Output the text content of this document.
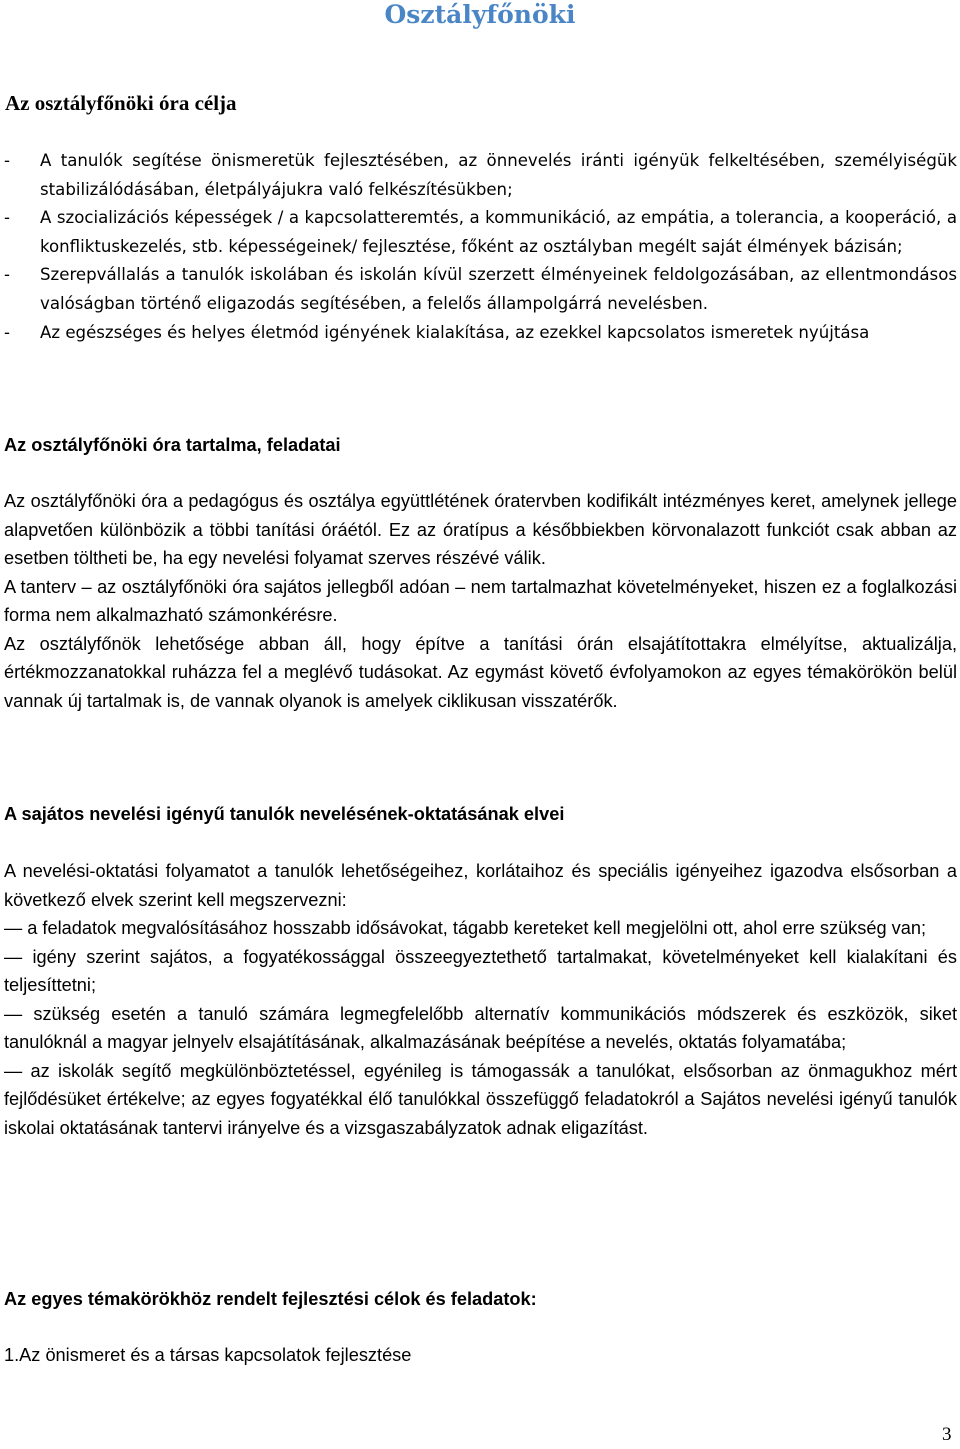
Osztályfőnöki
Az osztályfőnöki óra célja
-	A tanulók segítése önismeretük fejlesztésében, az önnevelés iránti igényük felkeltésében, személyiségük stabilizálódásában, életpályájukra való felkészítésükben;
-	A szocializációs képességek / a kapcsolatteremtés, a kommunikáció, az empátia, a tolerancia, a kooperáció, a konfliktuskezelés, stb. képességeinek/ fejlesztése, főként az osztályban megélt saját élmények bázisán;
-	Szerepvállalás a tanulók iskolában és iskolán kívül szerzett élményeinek feldolgozásában, az ellentmondásos valóságban történő eligazodás segítésében, a felelős állampolgárrá nevelésben.
-	Az egészséges és helyes életmód igényének kialakítása, az ezekkel kapcsolatos ismeretek nyújtása
Az osztályfőnöki óra tartalma, feladatai
Az osztályfőnöki óra a pedagógus és osztálya együttlétének óratervben kodifikált intézményes keret, amelynek jellege alapvetően különbözik a többi tanítási óráétól. Ez az óratípus a későbbiekben körvonalazott funkciót csak abban az esetben töltheti be, ha egy nevelési folyamat szerves részévé válik.
A tanterv – az osztályfőnöki óra sajátos jellegből adóan – nem tartalmazhat követelményeket, hiszen ez a foglalkozási forma nem alkalmazható számonkérésre.
Az osztályfőnök lehetősége abban áll, hogy építve a tanítási órán elsajátítottakra elmélyítse, aktualizálja, értékmozzanatokkal ruházza fel a meglévő tudásokat. Az egymást követő évfolyamokon az egyes témakörökön belül vannak új tartalmak is, de vannak olyanok is amelyek ciklikusan visszatérők.
A sajátos nevelési igényű tanulók nevelésének-oktatásának elvei
A nevelési-oktatási folyamatot a tanulók lehetőségeihez, korlátaihoz és speciális igényeihez igazodva elsősorban a következő elvek szerint kell megszervezni:
— a feladatok megvalósításához hosszabb idősávokat, tágabb kereteket kell megjelölni ott, ahol erre szükség van;
— igény szerint sajátos, a fogyatékossággal összeegyeztethető tartalmakat, követelményeket kell kialakítani és teljesíttetni;
— szükség esetén a tanuló számára legmegfelelőbb alternatív kommunikációs módszerek és eszközök, siket tanulóknál a magyar jelnyelv elsajátításának, alkalmazásának beépítése a nevelés, oktatás folyamatába;
— az iskolák segítő megkülönböztetéssel, egyénileg is támogassák a tanulókat, elsősorban az önmagukhoz mért fejlődésüket értékelve; az egyes fogyatékkal élő tanulókkal összefüggő feladatokról a Sajátos nevelési igényű tanulók iskolai oktatásának tantervi irányelve és a vizsgaszabályzatok adnak eligazítást.
Az egyes témakörökhöz rendelt fejlesztési célok és feladatok:
1.Az önismeret és a társas kapcsolatok fejlesztése
3
